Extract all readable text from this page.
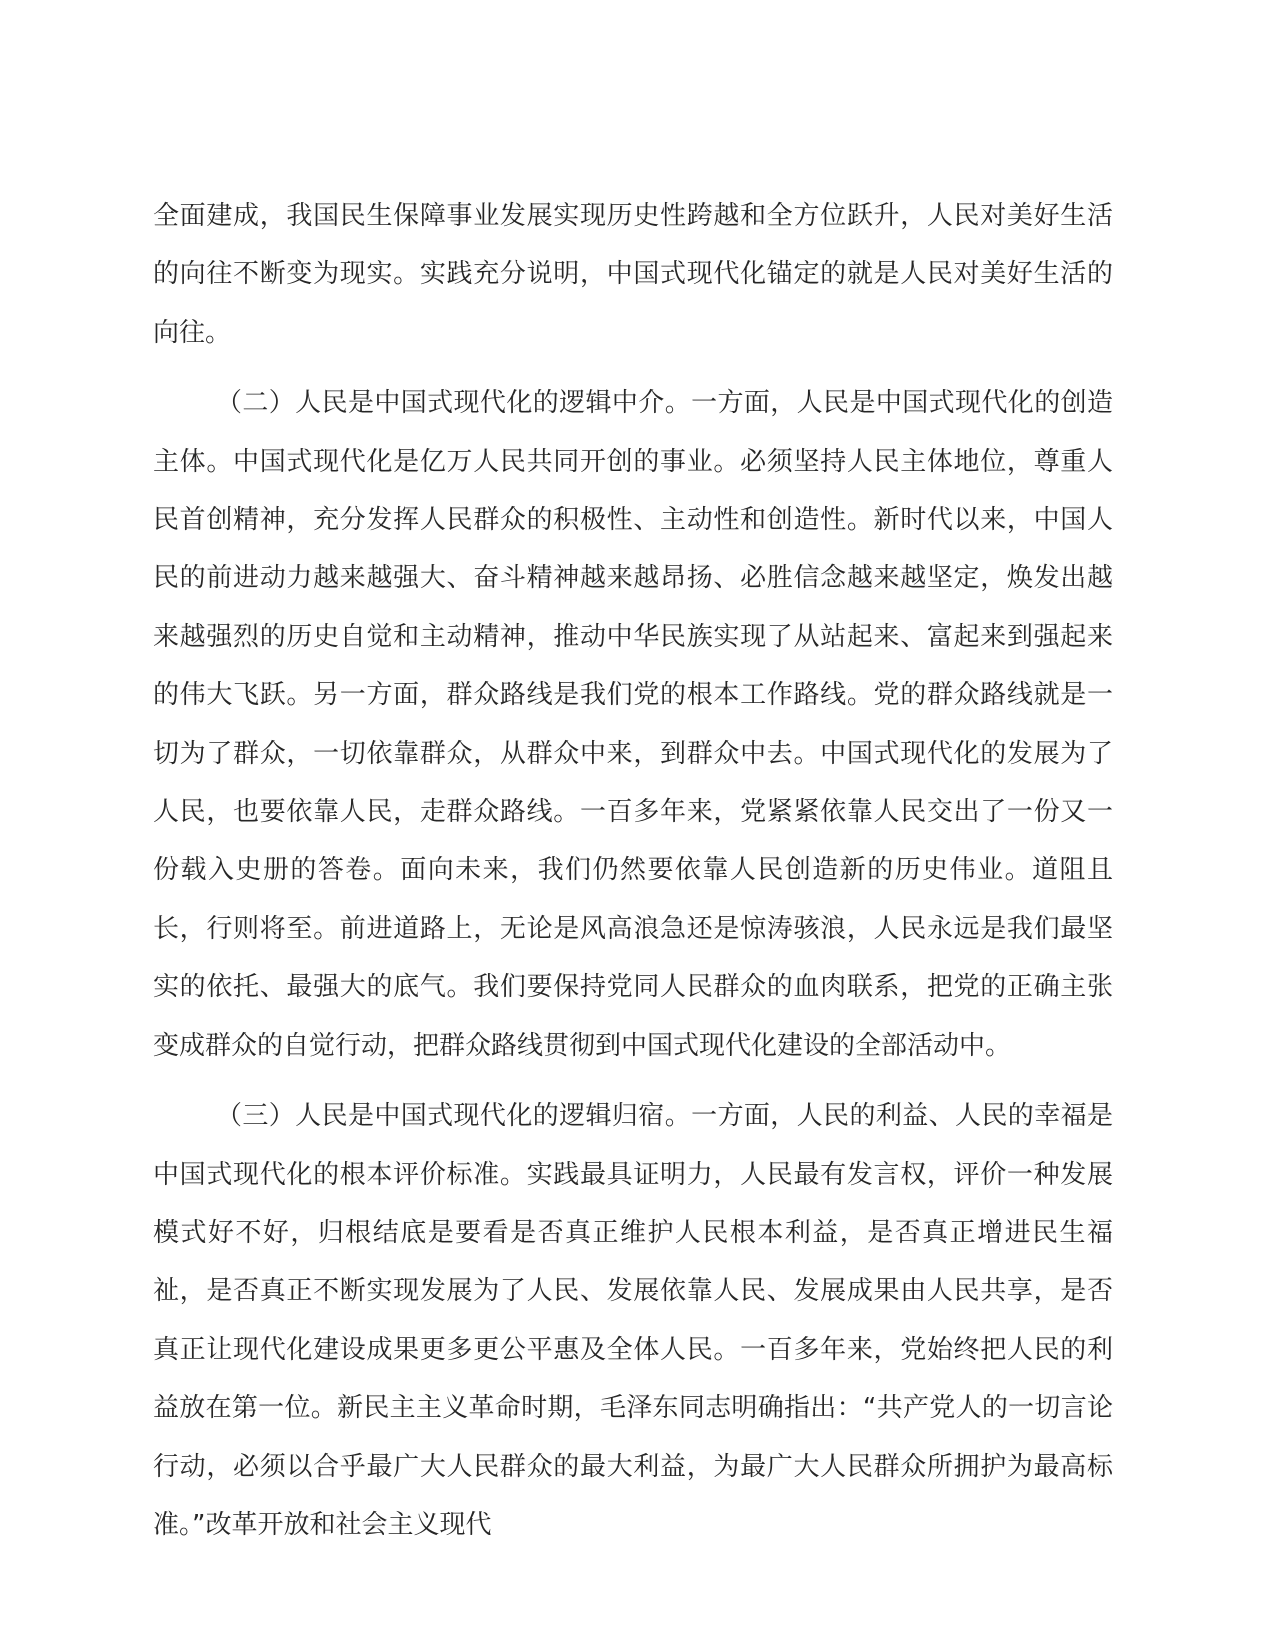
全面建成，我国民生保障事业发展实现历史性跨越和全方位跃升，人民对美好生活的向往不断变为现实。实践充分说明，中国式现代化锚定的就是人民对美好生活的向往。

（二）人民是中国式现代化的逻辑中介。一方面，人民是中国式现代化的创造主体。中国式现代化是亿万人民共同开创的事业。必须坚持人民主体地位，尊重人民首创精神，充分发挥人民群众的积极性、主动性和创造性。新时代以来，中国人民的前进动力越来越强大、奋斗精神越来越昂扬、必胜信念越来越坚定，焕发出越来越强烈的历史自觉和主动精神，推动中华民族实现了从站起来、富起来到强起来的伟大飞跃。另一方面，群众路线是我们党的根本工作路线。党的群众路线就是一切为了群众，一切依靠群众，从群众中来，到群众中去。中国式现代化的发展为了人民，也要依靠人民，走群众路线。一百多年来，党紧紧依靠人民交出了一份又一份载入史册的答卷。面向未来，我们仍然要依靠人民创造新的历史伟业。道阻且长，行则将至。前进道路上，无论是风高浪急还是惊涛骇浪，人民永远是我们最坚实的依托、最强大的底气。我们要保持党同人民群众的血肉联系，把党的正确主张变成群众的自觉行动，把群众路线贯彻到中国式现代化建设的全部活动中。

（三）人民是中国式现代化的逻辑归宿。一方面，人民的利益、人民的幸福是中国式现代化的根本评价标准。实践最具证明力，人民最有发言权，评价一种发展模式好不好，归根结底是要看是否真正维护人民根本利益，是否真正增进民生福祉，是否真正不断实现发展为了人民、发展依靠人民、发展成果由人民共享，是否真正让现代化建设成果更多更公平惠及全体人民。一百多年来，党始终把人民的利益放在第一位。新民主主义革命时期，毛泽东同志明确指出：“共产党人的一切言论行动，必须以合乎最广大人民群众的最大利益，为最广大人民群众所拥护为最高标准。”改革开放和社会主义现代
